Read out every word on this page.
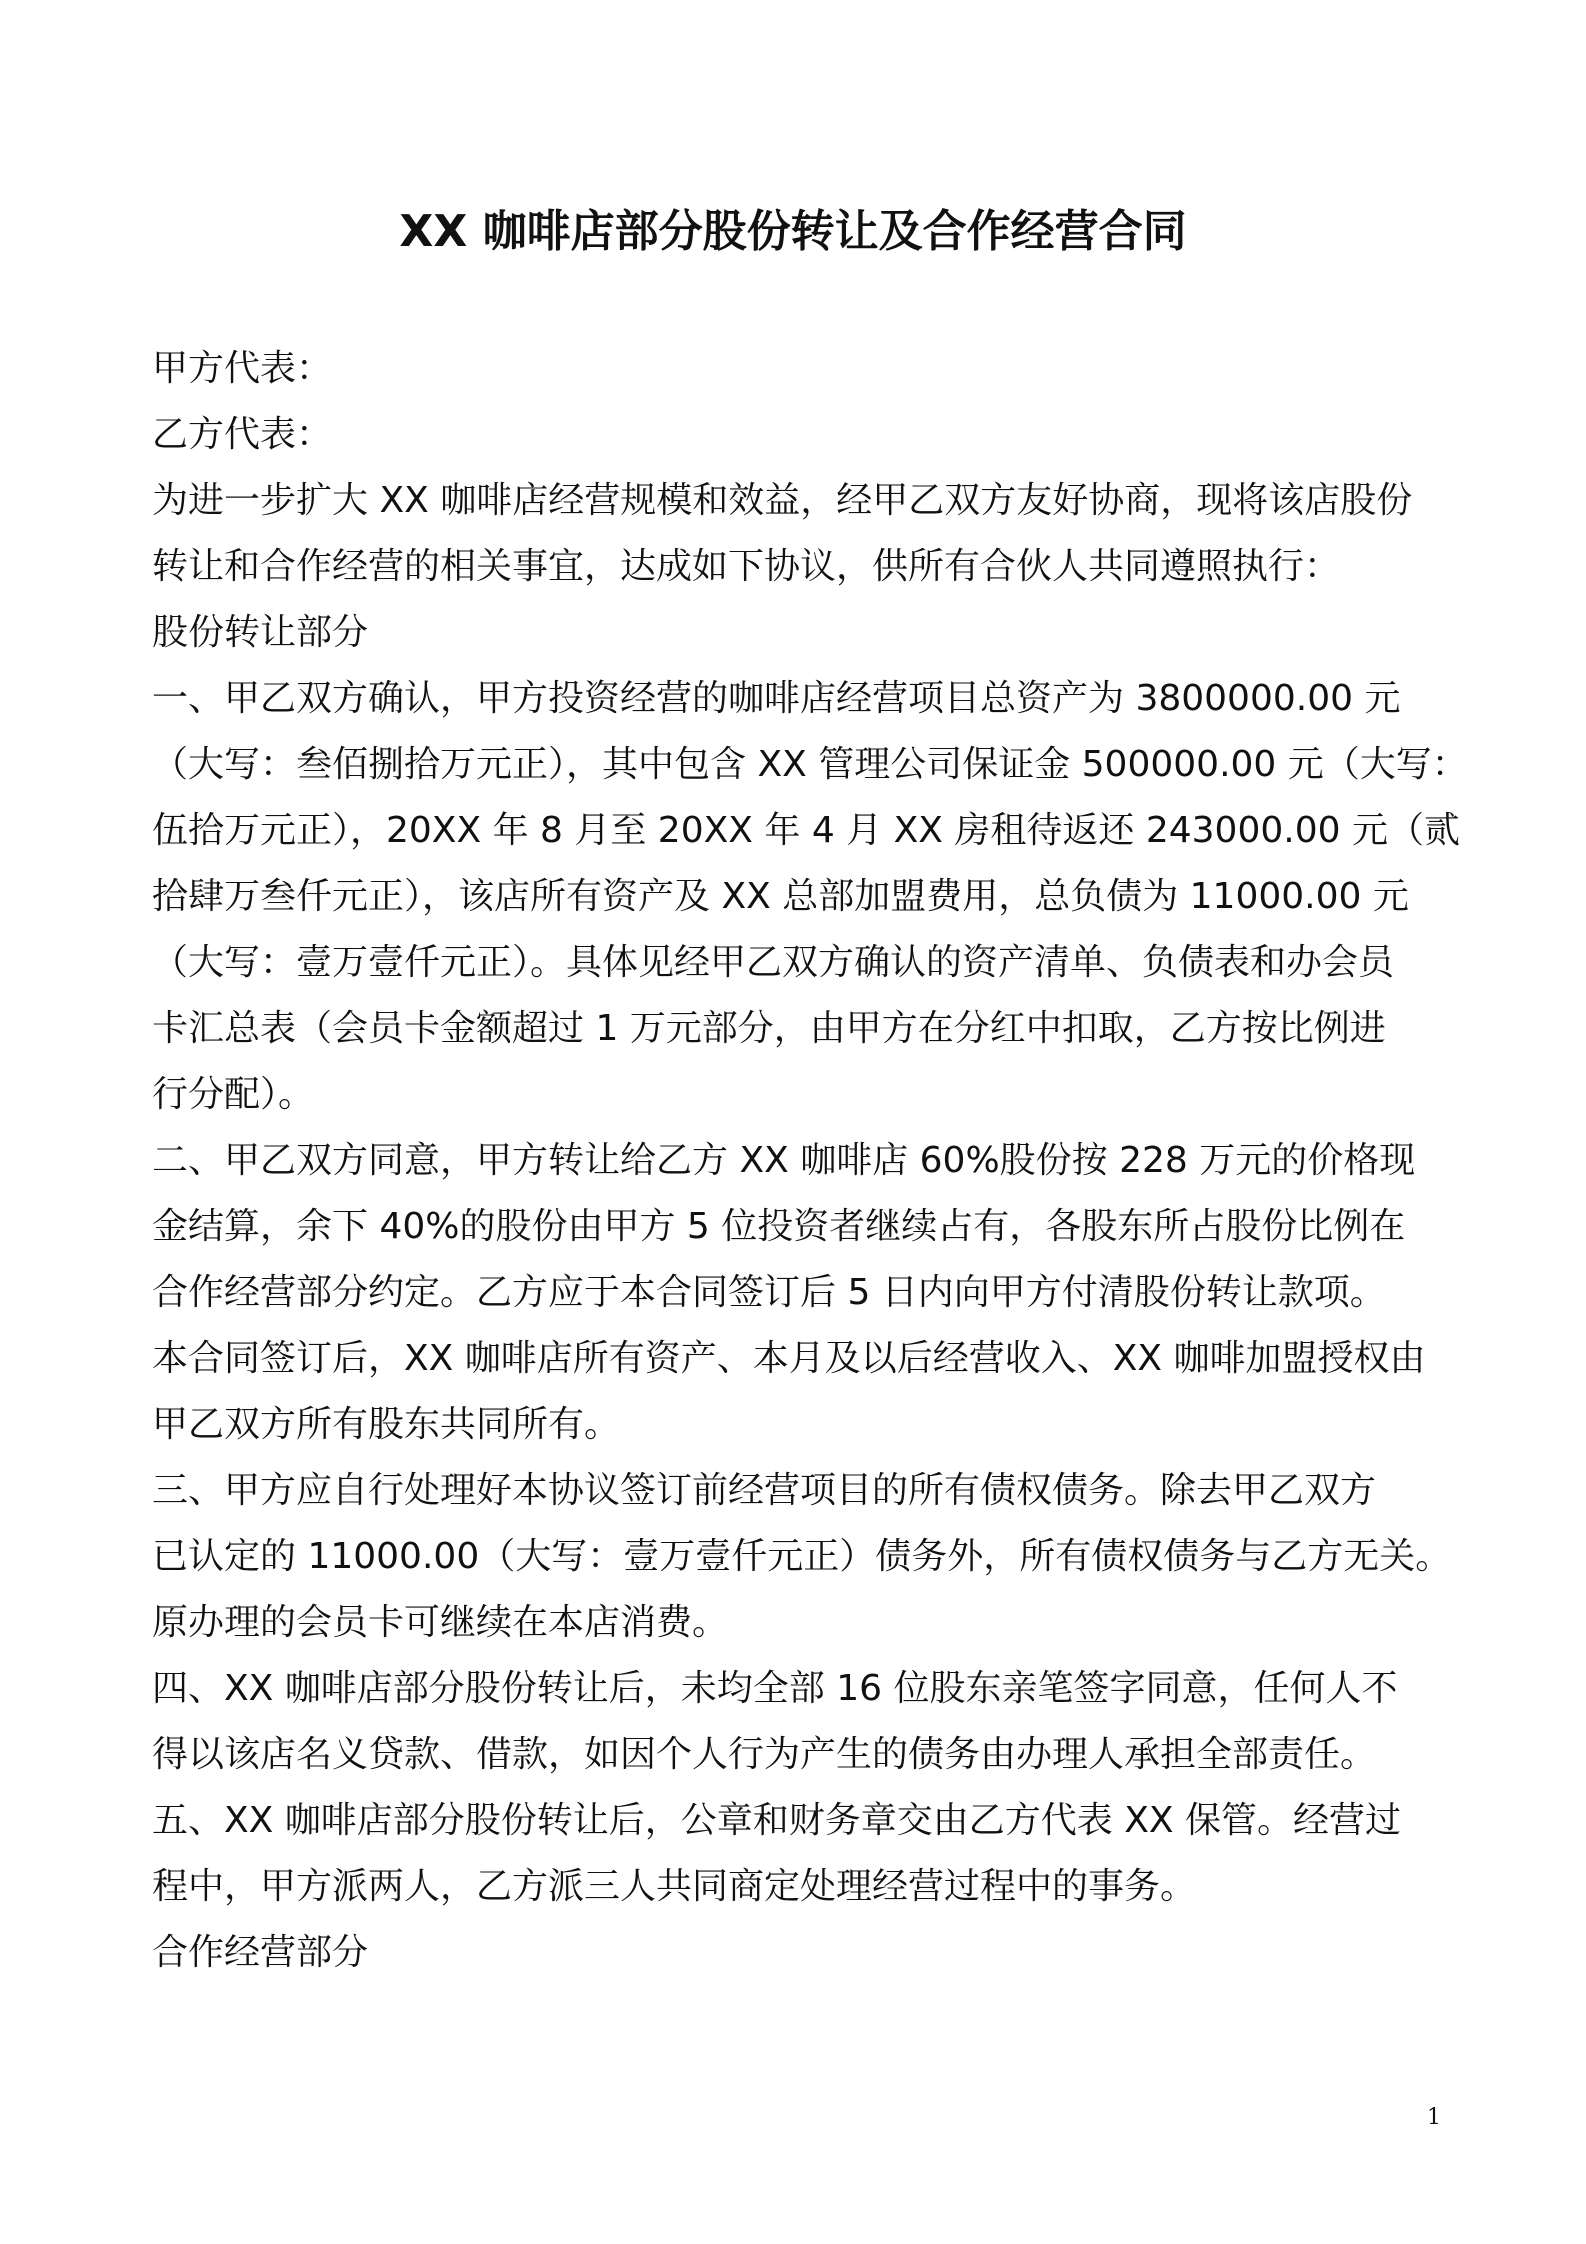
XX 咖啡店部分股份转让及合作经营合同
甲方代表：
乙方代表：
为进一步扩大 XX 咖啡店经营规模和效益，经甲乙双方友好协商，现将该店股份
转让和合作经营的相关事宜，达成如下协议，供所有合伙人共同遵照执行：
股份转让部分
一、甲乙双方确认，甲方投资经营的咖啡店经营项目总资产为 3800000.00 元
（大写：叁佰捌拾万元正），其中包含 XX 管理公司保证金 500000.00 元（大写：
伍拾万元正），20XX 年 8 月至 20XX 年 4 月 XX 房租待返还 243000.00 元（贰
拾肆万叁仟元正），该店所有资产及 XX 总部加盟费用，总负债为 11000.00 元
（大写：壹万壹仟元正）。具体见经甲乙双方确认的资产清单、负债表和办会员
卡汇总表（会员卡金额超过 1 万元部分，由甲方在分红中扣取，乙方按比例进
行分配）。
二、甲乙双方同意，甲方转让给乙方 XX 咖啡店 60%股份按 228 万元的价格现
金结算，余下 40%的股份由甲方 5 位投资者继续占有，各股东所占股份比例在
合作经营部分约定。乙方应于本合同签订后 5 日内向甲方付清股份转让款项。
本合同签订后，XX 咖啡店所有资产、本月及以后经营收入、XX 咖啡加盟授权由
甲乙双方所有股东共同所有。
三、甲方应自行处理好本协议签订前经营项目的所有债权债务。除去甲乙双方
已认定的 11000.00（大写：壹万壹仟元正）债务外，所有债权债务与乙方无关。
原办理的会员卡可继续在本店消费。
四、XX 咖啡店部分股份转让后，未均全部 16 位股东亲笔签字同意，任何人不
得以该店名义贷款、借款，如因个人行为产生的债务由办理人承担全部责任。
五、XX 咖啡店部分股份转让后，公章和财务章交由乙方代表 XX 保管。经营过
程中，甲方派两人，乙方派三人共同商定处理经营过程中的事务。
合作经营部分
1
